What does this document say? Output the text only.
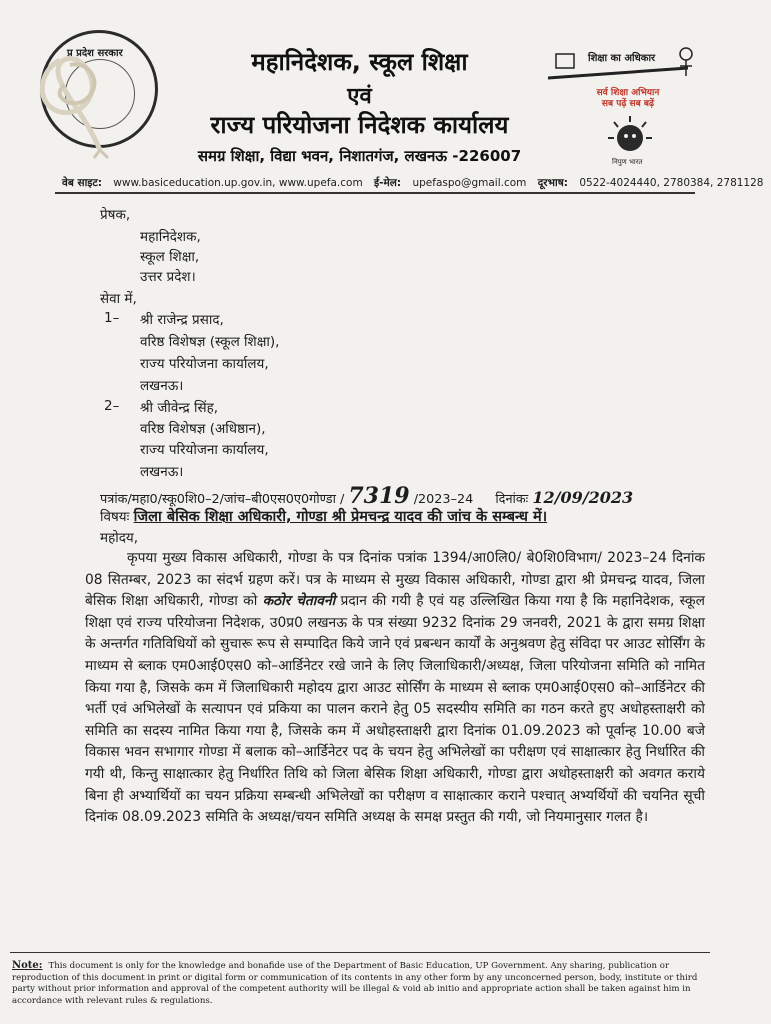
प्र प्रदेश सरकार	महानिदेशक, स्कूल शिक्षा
एवं
राज्य परियोजना निदेशक कार्यालय
समग्र शिक्षा, विद्या भवन, निशातगंज, लखनऊ -226007
शिक्षा का अधिकार
सर्व शिक्षा अभियान
सब पढ़ें सब बढ़ें
निपुण भारत
वेब साइट: www.basiceducation.up.gov.in, www.upefa.com ई-मेल: upefaspo@gmail.com दूरभाष: 0522-4024440, 2780384, 2781128
प्रेषक,
महानिदेशक,
स्कूल शिक्षा,
उत्तर प्रदेश।
सेवा में,
1– श्री राजेन्द्र प्रसाद,
वरिष्ठ विशेषज्ञ (स्कूल शिक्षा),
राज्य परियोजना कार्यालय,
लखनऊ।
2– श्री जीवेन्द्र सिंह,
वरिष्ठ विशेषज्ञ (अधिष्ठान),
राज्य परियोजना कार्यालय,
लखनऊ।
पत्रांक/महा0/स्कू0शि0–2/जांच–बी0एस0ए0गोण्डा / 7319 /2023–24 दिनांकः 12/09/2023
विषयः जिला बेसिक शिक्षा अधिकारी, गोण्डा श्री प्रेमचन्द्र यादव की जांच के सम्बन्ध में।
महोदय,
कृपया मुख्य विकास अधिकारी, गोण्डा के पत्र दिनांक पत्रांक 1394/आ0लि0/ बे0शि0विभाग/ 2023–24 दिनांक 08 सितम्बर, 2023 का संदर्भ ग्रहण करें। पत्र के माध्यम से मुख्य विकास अधिकारी, गोण्डा द्वारा श्री प्रेमचन्द्र यादव, जिला बेसिक शिक्षा अधिकारी, गोण्डा को कठोर चेतावनी प्रदान की गयी है एवं यह उल्लिखित किया गया है कि महानिदेशक, स्कूल शिक्षा एवं राज्य परियोजना निदेशक, उ0प्र0 लखनऊ के पत्र संख्या 9232 दिनांक 29 जनवरी, 2021 के द्वारा समग्र शिक्षा के अन्तर्गत गतिविधियों को सुचारू रूप से सम्पादित किये जाने एवं प्रबन्धन कार्यों के अनुश्रवण हेतु संविदा पर आउट सोर्सिंग के माध्यम से ब्लाक एम0आई0एस0 को–आर्डिनेटर रखे जाने के लिए जिलाधिकारी/अध्यक्ष, जिला परियोजना समिति को नामित किया गया है, जिसके कम में जिलाधिकारी महोदय द्वारा आउट सोर्सिंग के माध्यम से ब्लाक एम0आई0एस0 को–आर्डिनेटर की भर्ती एवं अभिलेखों के सत्यापन एवं प्रकिया का पालन कराने हेतु 05 सदस्यीय समिति का गठन करते हुए अधोहस्ताक्षरी को समिति का सदस्य नामित किया गया है, जिसके कम में अधोहस्ताक्षरी द्वारा दिनांक 01.09.2023 को पूर्वान्ह 10.00 बजे विकास भवन सभागार गोण्डा में बलाक को–आर्डिनेटर पद के चयन हेतु अभिलेखों का परीक्षण एवं साक्षात्कार हेतु निर्धारित की गयी थी, किन्तु साक्षात्कार हेतु निर्धारित तिथि को जिला बेसिक शिक्षा अधिकारी, गोण्डा द्वारा अधोहस्ताक्षरी को अवगत कराये बिना ही अभ्यार्थियों का चयन प्रक्रिया सम्बन्धी अभिलेखों का परीक्षण व साक्षात्कार कराने पश्चात् अभ्यर्थियों की चयनित सूची दिनांक 08.09.2023 समिति के अध्यक्ष/चयन समिति अध्यक्ष के समक्ष प्रस्तुत की गयी, जो नियमानुसार गलत है।
Note: This document is only for the knowledge and bonafide use of the Department of Basic Education, UP Government. Any sharing, publication or reproduction of this document in print or digital form or communication of its contents in any other form by any unconcerned person, body, institute or third party without prior information and approval of the competent authority will be illegal & void ab initio and appropriate action shall be taken against him in accordance with relevant rules & regulations.
